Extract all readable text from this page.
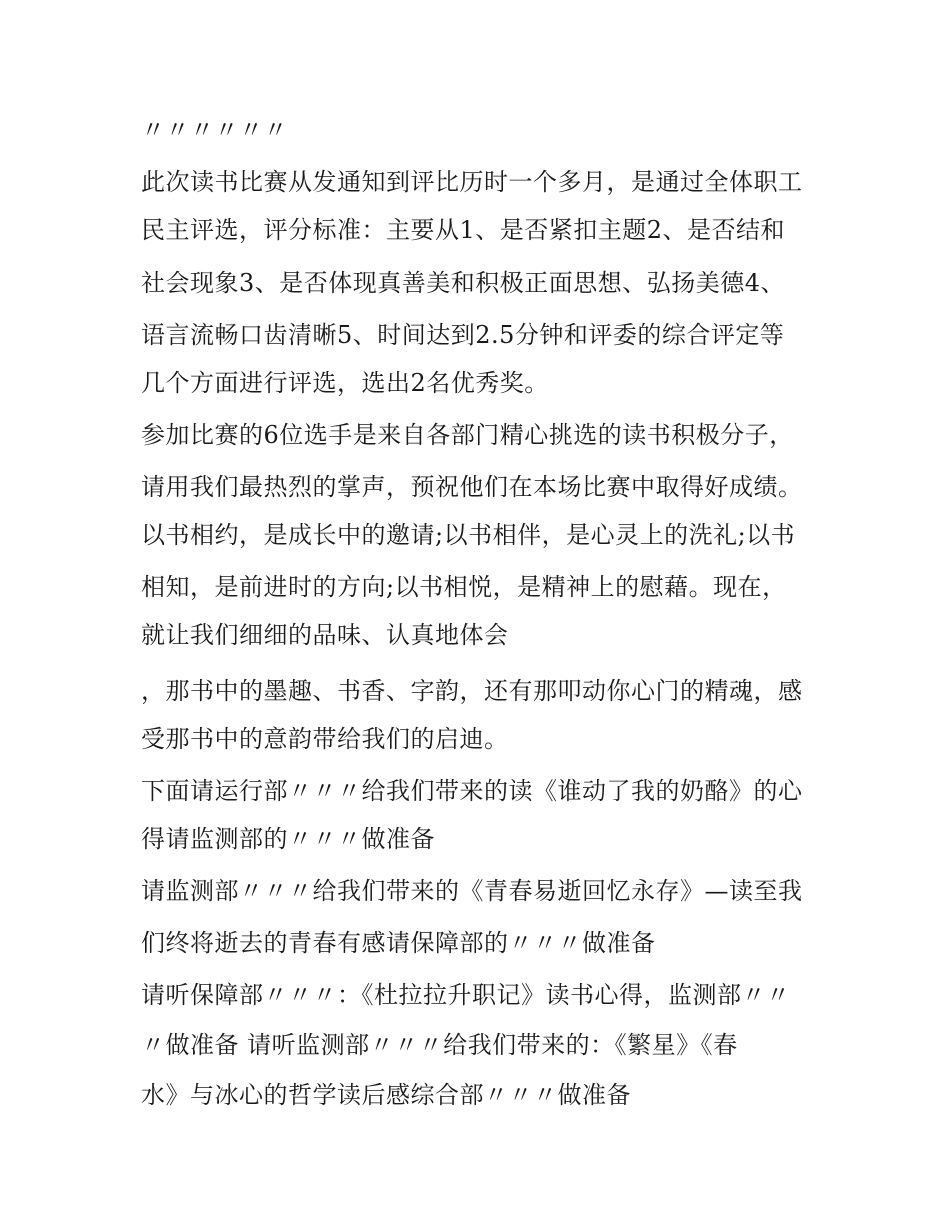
〃〃〃〃〃〃
此次读书比赛从发通知到评比历时一个多月，是通过全体职工
民主评选，评分标准：主要从1、是否紧扣主题2、是否结和
社会现象3、是否体现真善美和积极正面思想、弘扬美德4、
语言流畅口齿清晰5、时间达到2.5分钟和评委的综合评定等
几个方面进行评选，选出2名优秀奖。
参加比赛的6位选手是来自各部门精心挑选的读书积极分子，
请用我们最热烈的掌声，预祝他们在本场比赛中取得好成绩。
以书相约，是成长中的邀请;以书相伴，是心灵上的洗礼;以书
相知，是前进时的方向;以书相悦，是精神上的慰藉。现在，
就让我们细细的品味、认真地体会
，那书中的墨趣、书香、字韵，还有那叩动你心门的精魂，感
受那书中的意韵带给我们的启迪。
下面请运行部〃〃〃给我们带来的读《谁动了我的奶酪》的心
得请监测部的〃〃〃做准备
请监测部〃〃〃给我们带来的《青春易逝回忆永存》—读至我
们终将逝去的青春有感请保障部的〃〃〃做准备
请听保障部〃〃〃：《杜拉拉升职记》读书心得，监测部〃〃
〃做准备 请听监测部〃〃〃给我们带来的：《繁星》《春
水》与冰心的哲学读后感综合部〃〃〃做准备
